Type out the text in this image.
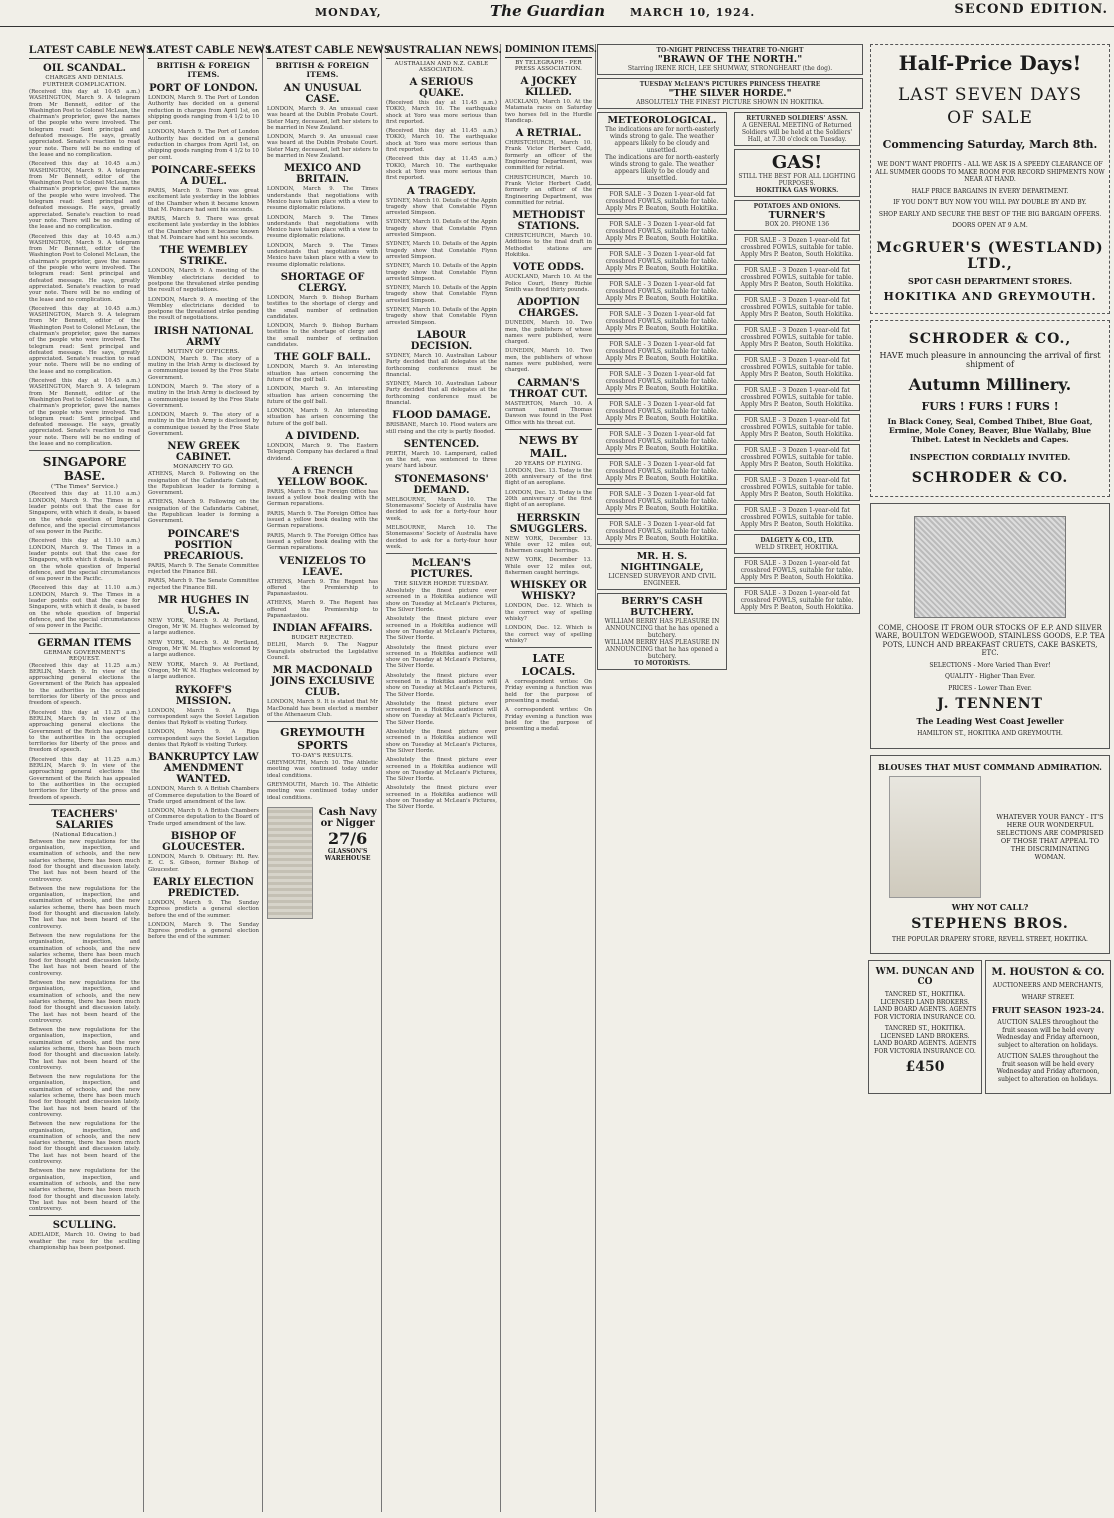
MONDAY,	The Guardian MARCH 10, 1924.	SECOND EDITION.
LATEST CABLE NEWS
OIL SCANDAL.
CHARGES AND DENIALS.
FURTHER COMPLICATION.

(Received this day at 10.45 a.m.) WASHINGTON, March 9. A telegram from Mr Bennett, editor of the Washington Post to Colonel McLean, the chairman's proprietor, gave the names of the people who were involved. The telegram read: Sent principal and defeated message. He says, greatly appreciated. Senate's reaction to read your note. There will be no ending of the lease and no complication.

(Received this day at 10.45 a.m.) WASHINGTON, March 9. A telegram from Mr Bennett, editor of the Washington Post to Colonel McLean, the chairman's proprietor, gave the names of the people who were involved. The telegram read: Sent principal and defeated message. He says, greatly appreciated. Senate's reaction to read your note. There will be no ending of the lease and no complication.

(Received this day at 10.45 a.m.) WASHINGTON, March 9. A telegram from Mr Bennett, editor of the Washington Post to Colonel McLean, the chairman's proprietor, gave the names of the people who were involved. The telegram read: Sent principal and defeated message. He says, greatly appreciated. Senate's reaction to read your note. There will be no ending of the lease and no complication.

(Received this day at 10.45 a.m.) WASHINGTON, March 9. A telegram from Mr Bennett, editor of the Washington Post to Colonel McLean, the chairman's proprietor, gave the names of the people who were involved. The telegram read: Sent principal and defeated message. He says, greatly appreciated. Senate's reaction to read your note. There will be no ending of the lease and no complication.

(Received this day at 10.45 a.m.) WASHINGTON, March 9. A telegram from Mr Bennett, editor of the Washington Post to Colonel McLean, the chairman's proprietor, gave the names of the people who were involved. The telegram read: Sent principal and defeated message. He says, greatly appreciated. Senate's reaction to read your note. There will be no ending of the lease and no complication.

SINGAPORE BASE.
("The Times" Service.)

(Received this day at 11.10 a.m.) LONDON, March 9. The Times in a leader points out that the case for Singapore, with which it deals, is based on the whole question of Imperial defence, and the special circumstances of sea power in the Pacific.

(Received this day at 11.10 a.m.) LONDON, March 9. The Times in a leader points out that the case for Singapore, with which it deals, is based on the whole question of Imperial defence, and the special circumstances of sea power in the Pacific.

(Received this day at 11.10 a.m.) LONDON, March 9. The Times in a leader points out that the case for Singapore, with which it deals, is based on the whole question of Imperial defence, and the special circumstances of sea power in the Pacific.

GERMAN ITEMS
GERMAN GOVERNMENT'S REQUEST.

(Received this day at 11.25 a.m.) BERLIN, March 9. In view of the approaching general elections the Government of the Reich has appealed to the authorities in the occupied territories for liberty of the press and freedom of speech.

(Received this day at 11.25 a.m.) BERLIN, March 9. In view of the approaching general elections the Government of the Reich has appealed to the authorities in the occupied territories for liberty of the press and freedom of speech.

(Received this day at 11.25 a.m.) BERLIN, March 9. In view of the approaching general elections the Government of the Reich has appealed to the authorities in the occupied territories for liberty of the press and freedom of speech.

TEACHERS' SALARIES
(National Education.)

Between the new regulations for the organisation, inspection, and examination of schools, and the new salaries scheme, there has been much food for thought and discussion lately. The last has not been heard of the controversy.

Between the new regulations for the organisation, inspection, and examination of schools, and the new salaries scheme, there has been much food for thought and discussion lately. The last has not been heard of the controversy.

Between the new regulations for the organisation, inspection, and examination of schools, and the new salaries scheme, there has been much food for thought and discussion lately. The last has not been heard of the controversy.

Between the new regulations for the organisation, inspection, and examination of schools, and the new salaries scheme, there has been much food for thought and discussion lately. The last has not been heard of the controversy.

Between the new regulations for the organisation, inspection, and examination of schools, and the new salaries scheme, there has been much food for thought and discussion lately. The last has not been heard of the controversy.

Between the new regulations for the organisation, inspection, and examination of schools, and the new salaries scheme, there has been much food for thought and discussion lately. The last has not been heard of the controversy.

Between the new regulations for the organisation, inspection, and examination of schools, and the new salaries scheme, there has been much food for thought and discussion lately. The last has not been heard of the controversy.

Between the new regulations for the organisation, inspection, and examination of schools, and the new salaries scheme, there has been much food for thought and discussion lately. The last has not been heard of the controversy.

SCULLING.

ADELAIDE, March 10. Owing to bad weather the race for the sculling championship has been postponed.

LATEST CABLE NEWS
BRITISH & FOREIGN ITEMS.
PORT OF LONDON.

LONDON, March 9. The Port of London Authority has decided on a general reduction in charges from April 1st, on shipping goods ranging from 4 1/2 to 10 per cent.

LONDON, March 9. The Port of London Authority has decided on a general reduction in charges from April 1st, on shipping goods ranging from 4 1/2 to 10 per cent.

POINCARE-SEEKS A DUEL.

PARIS, March 9. There was great excitement late yesterday in the lobbies of the Chamber when it became known that M. Poincare had sent his seconds.

PARIS, March 9. There was great excitement late yesterday in the lobbies of the Chamber when it became known that M. Poincare had sent his seconds.

THE WEMBLEY STRIKE.

LONDON, March 9. A meeting of the Wembley electricians decided to postpone the threatened strike pending the result of negotiations.

LONDON, March 9. A meeting of the Wembley electricians decided to postpone the threatened strike pending the result of negotiations.

IRISH NATIONAL ARMY
MUTINY OF OFFICERS.

LONDON, March 9. The story of a mutiny in the Irish Army is disclosed by a communique issued by the Free State Government.

LONDON, March 9. The story of a mutiny in the Irish Army is disclosed by a communique issued by the Free State Government.

LONDON, March 9. The story of a mutiny in the Irish Army is disclosed by a communique issued by the Free State Government.

NEW GREEK CABINET.
MONARCHY TO GO.

ATHENS, March 9. Following on the resignation of the Cafandaris Cabinet, the Republican leader is forming a Government.

ATHENS, March 9. Following on the resignation of the Cafandaris Cabinet, the Republican leader is forming a Government.

POINCARE'S POSITION PRECARIOUS.

PARIS, March 9. The Senate Committee rejected the Finance Bill.

PARIS, March 9. The Senate Committee rejected the Finance Bill.

MR HUGHES IN U.S.A.

NEW YORK, March 9. At Portland, Oregon, Mr W. M. Hughes welcomed by a large audience.

NEW YORK, March 9. At Portland, Oregon, Mr W. M. Hughes welcomed by a large audience.

NEW YORK, March 9. At Portland, Oregon, Mr W. M. Hughes welcomed by a large audience.

RYKOFF'S MISSION.

LONDON, March 9. A Riga correspondent says the Soviet Legation denies that Rykoff is visiting Turkey.

LONDON, March 9. A Riga correspondent says the Soviet Legation denies that Rykoff is visiting Turkey.

BANKRUPTCY LAW AMENDMENT WANTED.

LONDON, March 9. A British Chambers of Commerce deputation to the Board of Trade urged amendment of the law.

LONDON, March 9. A British Chambers of Commerce deputation to the Board of Trade urged amendment of the law.

BISHOP OF GLOUCESTER.

LONDON, March 9. Obituary: Rt. Rev. E. C. S. Gibson, former Bishop of Gloucester.

EARLY ELECTION PREDICTED.

LONDON, March 9. The Sunday Express predicts a general election before the end of the summer.

LONDON, March 9. The Sunday Express predicts a general election before the end of the summer.

LATEST CABLE NEWS
BRITISH & FOREIGN ITEMS.
AN UNUSUAL CASE.

LONDON, March 9. An unusual case was heard at the Dublin Probate Court. Sister Mary, deceased, left her sisters to be married in New Zealand.

LONDON, March 9. An unusual case was heard at the Dublin Probate Court. Sister Mary, deceased, left her sisters to be married in New Zealand.

MEXICO AND BRITAIN.

LONDON, March 9. The Times understands that negotiations with Mexico have taken place with a view to resume diplomatic relations.

LONDON, March 9. The Times understands that negotiations with Mexico have taken place with a view to resume diplomatic relations.

LONDON, March 9. The Times understands that negotiations with Mexico have taken place with a view to resume diplomatic relations.

SHORTAGE OF CLERGY.

LONDON, March 9. Bishop Burham testifies to the shortage of clergy and the small number of ordination candidates.

LONDON, March 9. Bishop Burham testifies to the shortage of clergy and the small number of ordination candidates.

THE GOLF BALL.

LONDON, March 9. An interesting situation has arisen concerning the future of the golf ball.

LONDON, March 9. An interesting situation has arisen concerning the future of the golf ball.

LONDON, March 9. An interesting situation has arisen concerning the future of the golf ball.

A DIVIDEND.

LONDON, March 9. The Eastern Telegraph Company has declared a final dividend.

A FRENCH YELLOW BOOK.

PARIS, March 9. The Foreign Office has issued a yellow book dealing with the German reparations.

PARIS, March 9. The Foreign Office has issued a yellow book dealing with the German reparations.

PARIS, March 9. The Foreign Office has issued a yellow book dealing with the German reparations.

VENIZELOS TO LEAVE.

ATHENS, March 9. The Regent has offered the Premiership to Papanastasiou.

ATHENS, March 9. The Regent has offered the Premiership to Papanastasiou.

INDIAN AFFAIRS.
BUDGET REJECTED.

DELHI, March 9. The Nagpur Swarajists obstructed the Legislative Council.

MR MACDONALD JOINS EXCLUSIVE CLUB.

LONDON, March 9. It is stated that Mr MacDonald has been elected a member of the Athenaeum Club.

GREYMOUTH SPORTS
TO-DAY'S RESULTS.

GREYMOUTH, March 10. The Athletic meeting was continued today under ideal conditions.

GREYMOUTH, March 10. The Athletic meeting was continued today under ideal conditions.

Cash Navy or Nigger
27/6
GLASSON'S WAREHOUSE
AUSTRALIAN NEWS.
AUSTRALIAN AND N.Z. CABLE ASSOCIATION.
A SERIOUS QUAKE.

(Received this day at 11.45 a.m.) TOKIO, March 10. The earthquake shock at Yoro was more serious than first reported.

(Received this day at 11.45 a.m.) TOKIO, March 10. The earthquake shock at Yoro was more serious than first reported.

(Received this day at 11.45 a.m.) TOKIO, March 10. The earthquake shock at Yoro was more serious than first reported.

A TRAGEDY.

SYDNEY, March 10. Details of the Appin tragedy show that Constable Flynn arrested Simpson.

SYDNEY, March 10. Details of the Appin tragedy show that Constable Flynn arrested Simpson.

SYDNEY, March 10. Details of the Appin tragedy show that Constable Flynn arrested Simpson.

SYDNEY, March 10. Details of the Appin tragedy show that Constable Flynn arrested Simpson.

SYDNEY, March 10. Details of the Appin tragedy show that Constable Flynn arrested Simpson.

SYDNEY, March 10. Details of the Appin tragedy show that Constable Flynn arrested Simpson.

LABOUR DECISION.

SYDNEY, March 10. Australian Labour Party decided that all delegates at the forthcoming conference must be financial.

SYDNEY, March 10. Australian Labour Party decided that all delegates at the forthcoming conference must be financial.

FLOOD DAMAGE.

BRISBANE, March 10. Flood waters are still rising and the city is partly flooded.

SENTENCED.

PERTH, March 10. Lamperard, called on the net, was sentenced to three years' hard labour.

STONEMASONS' DEMAND.

MELBOURNE, March 10. The Stonemasons' Society of Australia have decided to ask for a forty-four hour week.

MELBOURNE, March 10. The Stonemasons' Society of Australia have decided to ask for a forty-four hour week.

McLEAN'S PICTURES.
THE SILVER HORDE TUESDAY.

Absolutely the finest picture ever screened in a Hokitika audience will show on Tuesday at McLean's Pictures, The Silver Horde.

Absolutely the finest picture ever screened in a Hokitika audience will show on Tuesday at McLean's Pictures, The Silver Horde.

Absolutely the finest picture ever screened in a Hokitika audience will show on Tuesday at McLean's Pictures, The Silver Horde.

Absolutely the finest picture ever screened in a Hokitika audience will show on Tuesday at McLean's Pictures, The Silver Horde.

Absolutely the finest picture ever screened in a Hokitika audience will show on Tuesday at McLean's Pictures, The Silver Horde.

Absolutely the finest picture ever screened in a Hokitika audience will show on Tuesday at McLean's Pictures, The Silver Horde.

Absolutely the finest picture ever screened in a Hokitika audience will show on Tuesday at McLean's Pictures, The Silver Horde.

Absolutely the finest picture ever screened in a Hokitika audience will show on Tuesday at McLean's Pictures, The Silver Horde.

DOMINION ITEMS.
BY TELEGRAPH - PER PRESS ASSOCIATION.
A JOCKEY KILLED.

AUCKLAND, March 10. At the Matamata races on Saturday two horses fell in the Hurdle Handicap.

A RETRIAL.

CHRISTCHURCH, March 10. Frank Victor Herbert Cadd, formerly an officer of the Engineering Department, was committed for retrial.

CHRISTCHURCH, March 10. Frank Victor Herbert Cadd, formerly an officer of the Engineering Department, was committed for retrial.

METHODIST STATIONS.

CHRISTCHURCH, March 10. Additions to the final draft in Methodist stations are Hokitika.

VOTE ODDS.

AUCKLAND, March 10. At the Police Court, Henry Richie Smith was fined thirty pounds.

ADOPTION CHARGES.

DUNEDIN, March 10. Two men, the publishers of whose names were published, were charged.

DUNEDIN, March 10. Two men, the publishers of whose names were published, were charged.

CARMAN'S THROAT CUT.

MASTERTON, March 10. A carman named Thomas Dawson was found in the Post Office with his throat cut.

NEWS BY MAIL.
20 YEARS OF FLYING.

LONDON, Dec. 13. Today is the 20th anniversary of the first flight of an aeroplane.

LONDON, Dec. 13. Today is the 20th anniversary of the first flight of an aeroplane.

HERRSKIN SMUGGLERS.

NEW YORK, December 13. While over 12 miles out, fishermen caught herrings.

NEW YORK, December 13. While over 12 miles out, fishermen caught herrings.

WHISKEY OR WHISKY?

LONDON, Dec. 12. Which is the correct way of spelling whisky?

LONDON, Dec. 12. Which is the correct way of spelling whisky?

LATE LOCALS.

A correspondent writes: On Friday evening a function was held for the purpose of presenting a medal.

A correspondent writes: On Friday evening a function was held for the purpose of presenting a medal.

TO-NIGHT PRINCESS THEATRE TO-NIGHT
"BRAWN OF THE NORTH."
Starring IRENE RICH, LEE SHUMWAY, STRONGHEART (the dog).
TUESDAY McLEAN'S PICTURES PRINCESS THEATRE
"THE SILVER HORDE."
ABSOLUTELY THE FINEST PICTURE SHOWN IN HOKITIKA.
METEOROLOGICAL.
The indications are for north-easterly winds strong to gale. The weather appears likely to be cloudy and unsettled.
The indications are for north-easterly winds strong to gale. The weather appears likely to be cloudy and unsettled.
FOR SALE - 3 Dozen 1-year-old fat crossbred FOWLS, suitable for table. Apply Mrs P. Beaton, South Hokitika.
FOR SALE - 3 Dozen 1-year-old fat crossbred FOWLS, suitable for table. Apply Mrs P. Beaton, South Hokitika.
FOR SALE - 3 Dozen 1-year-old fat crossbred FOWLS, suitable for table. Apply Mrs P. Beaton, South Hokitika.
FOR SALE - 3 Dozen 1-year-old fat crossbred FOWLS, suitable for table. Apply Mrs P. Beaton, South Hokitika.
FOR SALE - 3 Dozen 1-year-old fat crossbred FOWLS, suitable for table. Apply Mrs P. Beaton, South Hokitika.
FOR SALE - 3 Dozen 1-year-old fat crossbred FOWLS, suitable for table. Apply Mrs P. Beaton, South Hokitika.
FOR SALE - 3 Dozen 1-year-old fat crossbred FOWLS, suitable for table. Apply Mrs P. Beaton, South Hokitika.
FOR SALE - 3 Dozen 1-year-old fat crossbred FOWLS, suitable for table. Apply Mrs P. Beaton, South Hokitika.
FOR SALE - 3 Dozen 1-year-old fat crossbred FOWLS, suitable for table. Apply Mrs P. Beaton, South Hokitika.
FOR SALE - 3 Dozen 1-year-old fat crossbred FOWLS, suitable for table. Apply Mrs P. Beaton, South Hokitika.
FOR SALE - 3 Dozen 1-year-old fat crossbred FOWLS, suitable for table. Apply Mrs P. Beaton, South Hokitika.
FOR SALE - 3 Dozen 1-year-old fat crossbred FOWLS, suitable for table. Apply Mrs P. Beaton, South Hokitika.
MR. H. S. NIGHTINGALE,
LICENSED SURVEYOR AND CIVIL ENGINEER.
BERRY'S CASH BUTCHERY.
WILLIAM BERRY HAS PLEASURE IN ANNOUNCING that he has opened a butchery.
WILLIAM BERRY HAS PLEASURE IN ANNOUNCING that he has opened a butchery.
TO MOTORISTS.
RETURNED SOLDIERS' ASSN.
A GENERAL MEETING of Returned Soldiers will be held at the Soldiers' Hall, at 7.30 o'clock on Tuesday.
GAS!
STILL THE BEST FOR ALL LIGHTING PURPOSES.
HOKITIKA GAS WORKS.
POTATOES AND ONIONS.
TURNER'S
BOX 20. PHONE 136
FOR SALE - 3 Dozen 1-year-old fat crossbred FOWLS, suitable for table. Apply Mrs P. Beaton, South Hokitika.
FOR SALE - 3 Dozen 1-year-old fat crossbred FOWLS, suitable for table. Apply Mrs P. Beaton, South Hokitika.
FOR SALE - 3 Dozen 1-year-old fat crossbred FOWLS, suitable for table. Apply Mrs P. Beaton, South Hokitika.
FOR SALE - 3 Dozen 1-year-old fat crossbred FOWLS, suitable for table. Apply Mrs P. Beaton, South Hokitika.
FOR SALE - 3 Dozen 1-year-old fat crossbred FOWLS, suitable for table. Apply Mrs P. Beaton, South Hokitika.
FOR SALE - 3 Dozen 1-year-old fat crossbred FOWLS, suitable for table. Apply Mrs P. Beaton, South Hokitika.
FOR SALE - 3 Dozen 1-year-old fat crossbred FOWLS, suitable for table. Apply Mrs P. Beaton, South Hokitika.
FOR SALE - 3 Dozen 1-year-old fat crossbred FOWLS, suitable for table. Apply Mrs P. Beaton, South Hokitika.
FOR SALE - 3 Dozen 1-year-old fat crossbred FOWLS, suitable for table. Apply Mrs P. Beaton, South Hokitika.
FOR SALE - 3 Dozen 1-year-old fat crossbred FOWLS, suitable for table. Apply Mrs P. Beaton, South Hokitika.
DALGETY & CO., LTD.
WELD STREET, HOKITIKA.
FOR SALE - 3 Dozen 1-year-old fat crossbred FOWLS, suitable for table. Apply Mrs P. Beaton, South Hokitika.
FOR SALE - 3 Dozen 1-year-old fat crossbred FOWLS, suitable for table. Apply Mrs P. Beaton, South Hokitika.
Half-Price Days!
LAST SEVEN DAYS
OF SALE
Commencing Saturday, March 8th.
WE DON'T WANT PROFITS - ALL WE ASK IS A SPEEDY CLEARANCE OF ALL SUMMER GOODS TO MAKE ROOM FOR RECORD SHIPMENTS NOW NEAR AT HAND.
HALF PRICE BARGAINS IN EVERY DEPARTMENT.
IF YOU DON'T BUY NOW YOU WILL PAY DOUBLE BY AND BY.
SHOP EARLY AND SECURE THE BEST OF THE BIG BARGAIN OFFERS.
DOORS OPEN AT 9 A.M.
McGRUER'S (WESTLAND) LTD.,
SPOT CASH DEPARTMENT STORES.
HOKITIKA AND GREYMOUTH.
SCHRODER & CO.,
HAVE much pleasure in announcing the arrival of first shipment of
Autumn Millinery.
FURS ! FURS ! FURS !
In Black Coney, Seal, Combed Thibet, Blue Goat, Ermine, Mole Coney, Beaver, Blue Wallaby, Blue Thibet. Latest in Necklets and Capes.
INSPECTION CORDIALLY INVITED.
SCHRODER & CO.
COME, CHOOSE IT FROM OUR STOCKS OF E.P. AND SILVER WARE, BOULTON WEDGEWOOD, STAINLESS GOODS, E.P. TEA POTS, LUNCH AND BREAKFAST CRUETS, CAKE BASKETS, ETC.
SELECTIONS - More Varied Than Ever!
QUALITY - Higher Than Ever.
PRICES - Lower Than Ever.
J. TENNENT
The Leading West Coast Jeweller
HAMILTON ST., HOKITIKA AND GREYMOUTH.
BLOUSES THAT MUST COMMAND ADMIRATION.
WHATEVER YOUR FANCY - IT'S HERE OUR WONDERFUL SELECTIONS ARE COMPRISED OF THOSE THAT APPEAL TO THE DISCRIMINATING WOMAN.
WHY NOT CALL?
STEPHENS BROS.
THE POPULAR DRAPERY STORE, REVELL STREET, HOKITIKA.
WM. DUNCAN AND CO
TANCRED ST., HOKITIKA. LICENSED LAND BROKERS. LAND BOARD AGENTS. AGENTS FOR VICTORIA INSURANCE CO.
TANCRED ST., HOKITIKA. LICENSED LAND BROKERS. LAND BOARD AGENTS. AGENTS FOR VICTORIA INSURANCE CO.
£450
M. HOUSTON & CO.
AUCTIONEERS AND MERCHANTS,
WHARF STREET.
FRUIT SEASON 1923-24.
AUCTION SALES throughout the fruit season will be held every Wednesday and Friday afternoon, subject to alteration on holidays.
AUCTION SALES throughout the fruit season will be held every Wednesday and Friday afternoon, subject to alteration on holidays.
